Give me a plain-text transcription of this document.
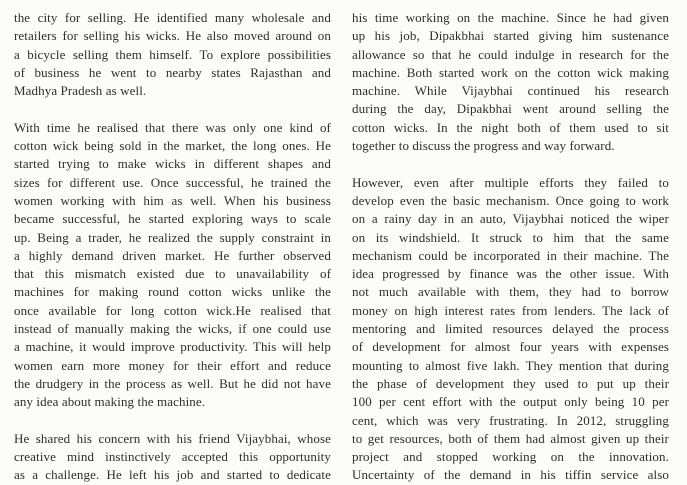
the city for selling. He identified many wholesale and
retailers for selling his wicks. He also moved around on
a bicycle selling them himself. To explore possibilities
of business he went to nearby states Rajasthan and
Madhya Pradesh as well.
With time he realised that there was only one kind of
cotton wick being sold in the market, the long ones. He
started trying to make wicks in different shapes and
sizes for different use. Once successful, he trained the
women working with him as well. When his business
became successful, he started exploring ways to scale
up. Being a trader, he realized the supply constraint in
a highly demand driven market. He further observed
that this mismatch existed due to unavailability of
machines for making round cotton wicks unlike the
once available for long cotton wick.He realised that
instead of manually making the wicks, if one could use
a machine, it would improve productivity. This will help
women earn more money for their effort and reduce
the drudgery in the process as well. But he did not have
any idea about making the machine.
He shared his concern with his friend Vijaybhai, whose
creative mind instinctively accepted this opportunity
as a challenge. He left his job and started to dedicate
his time working on the machine. Since he had given
up his job, Dipakbhai started giving him sustenance
allowance so that he could indulge in research for the
machine. Both started work on the cotton wick making
machine. While Vijaybhai continued his research
during the day, Dipakbhai went around selling the
cotton wicks. In the night both of them used to sit
together to discuss the progress and way forward.
However, even after multiple efforts they failed to
develop even the basic mechanism. Once going to work
on a rainy day in an auto, Vijaybhai noticed the wiper
on its windshield. It struck to him that the same
mechanism could be incorporated in their machine. The
idea progressed by finance was the other issue. With
not much available with them, they had to borrow
money on high interest rates from lenders. The lack of
mentoring and limited resources delayed the process
of development for almost four years with expenses
mounting to almost five lakh. They mention that during
the phase of development they used to put up their
100 per cent effort with the output only being 10 per
cent, which was very frustrating. In 2012, struggling
to get resources, both of them had almost given up their
project and stopped working on the innovation.
Uncertainty of the demand in his tiffin service also
